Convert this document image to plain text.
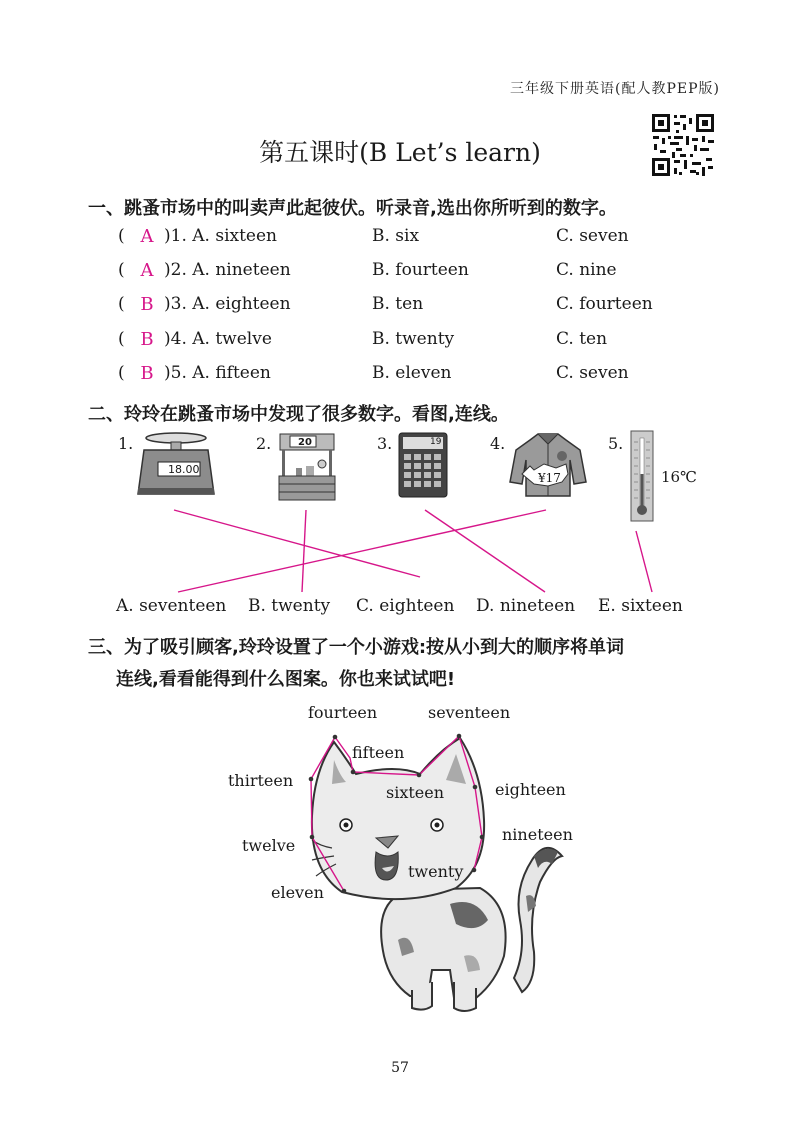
三年级下册英语(配人教PEP版)
第五课时(B Let’s learn)
一、跳蚤市场中的叫卖声此起彼伏。听录音,选出你所听到的数字。
( A )1. A. sixteen	B. six	C. seven
( A )2. A. nineteen	B. fourteen	C. nine
( B )3. A. eighteen	B. ten	C. fourteen
( B )4. A. twelve	B. twenty	C. ten
( B )5. A. fifteen	B. eleven	C. seven
二、玲玲在跳蚤市场中发现了很多数字。看图,连线。
1.	2.	3.	4.	5.
18.00
20	19
¥17	16℃
A. seventeen B. twenty C. eighteen D. nineteen E. sixteen
三、为了吸引顾客,玲玲设置了一个小游戏:按从小到大的顺序将单词
连线,看看能得到什么图案。你也来试试吧!
fourteen	seventeen
fifteen
thirteen
sixteen	eighteen
nineteen
twelve
twenty
eleven
57
